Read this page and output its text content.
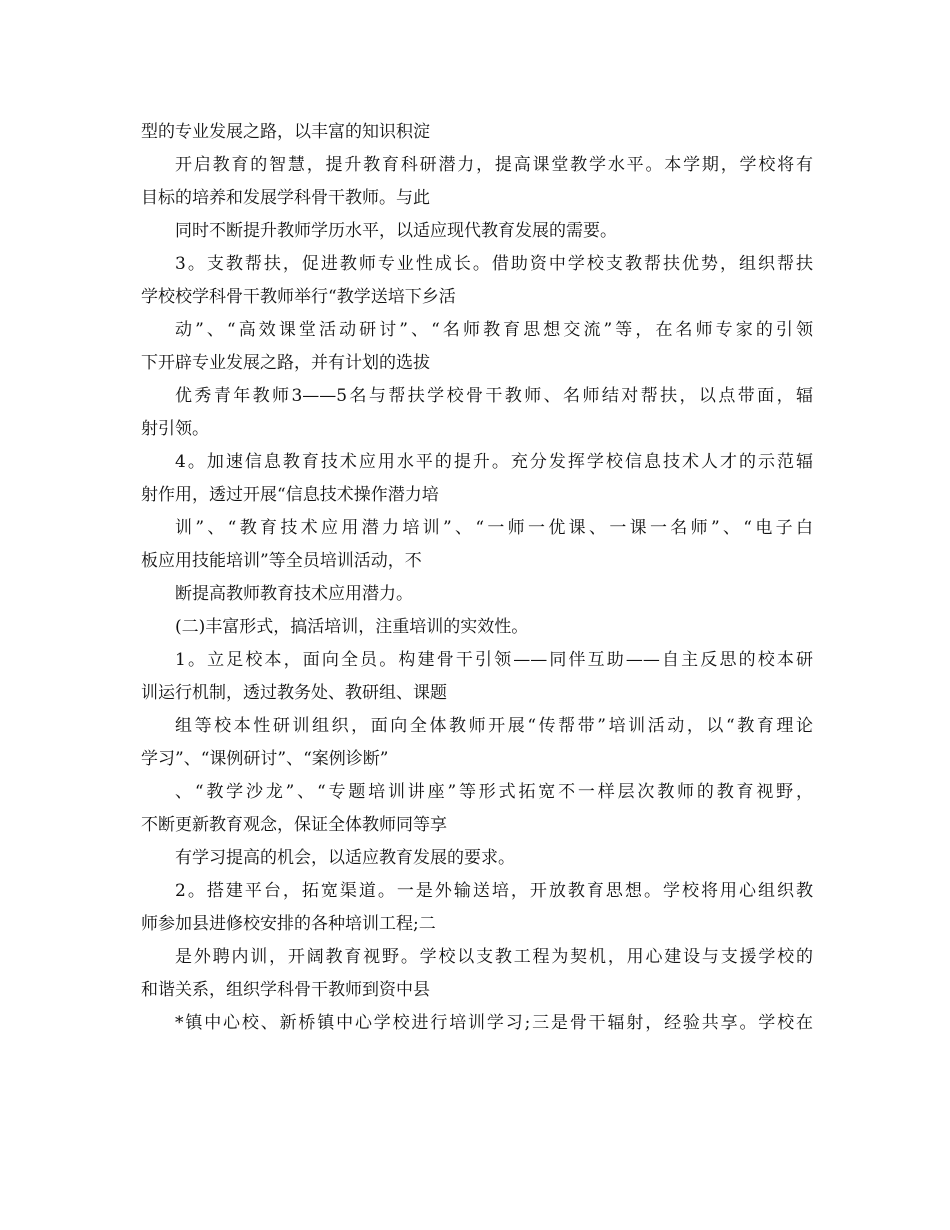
型的专业发展之路，以丰富的知识积淀
开启教育的智慧，提升教育科研潜力，提高课堂教学水平。本学期，学校将有
目标的培养和发展学科骨干教师。与此
同时不断提升教师学历水平，以适应现代教育发展的需要。
3。支教帮扶，促进教师专业性成长。借助资中学校支教帮扶优势，组织帮扶
学校校学科骨干教师举行“教学送培下乡活
动”、“高效课堂活动研讨”、“名师教育思想交流”等，在名师专家的引领
下开辟专业发展之路，并有计划的选拔
优秀青年教师3——5名与帮扶学校骨干教师、名师结对帮扶，以点带面，辐
射引领。
4。加速信息教育技术应用水平的提升。充分发挥学校信息技术人才的示范辐
射作用，透过开展“信息技术操作潜力培
训”、“教育技术应用潜力培训”、“一师一优课、一课一名师”、“电子白
板应用技能培训”等全员培训活动，不
断提高教师教育技术应用潜力。
(二)丰富形式，搞活培训，注重培训的实效性。
1。立足校本，面向全员。构建骨干引领——同伴互助——自主反思的校本研
训运行机制，透过教务处、教研组、课题
组等校本性研训组织，面向全体教师开展“传帮带”培训活动，以“教育理论
学习”、“课例研讨”、“案例诊断”
、“教学沙龙”、“专题培训讲座”等形式拓宽不一样层次教师的教育视野，
不断更新教育观念，保证全体教师同等享
有学习提高的机会，以适应教育发展的要求。
2。搭建平台，拓宽渠道。一是外输送培，开放教育思想。学校将用心组织教
师参加县进修校安排的各种培训工程;二
是外聘内训，开阔教育视野。学校以支教工程为契机，用心建设与支援学校的
和谐关系，组织学科骨干教师到资中县
*镇中心校、新桥镇中心学校进行培训学习;三是骨干辐射，经验共享。学校在
